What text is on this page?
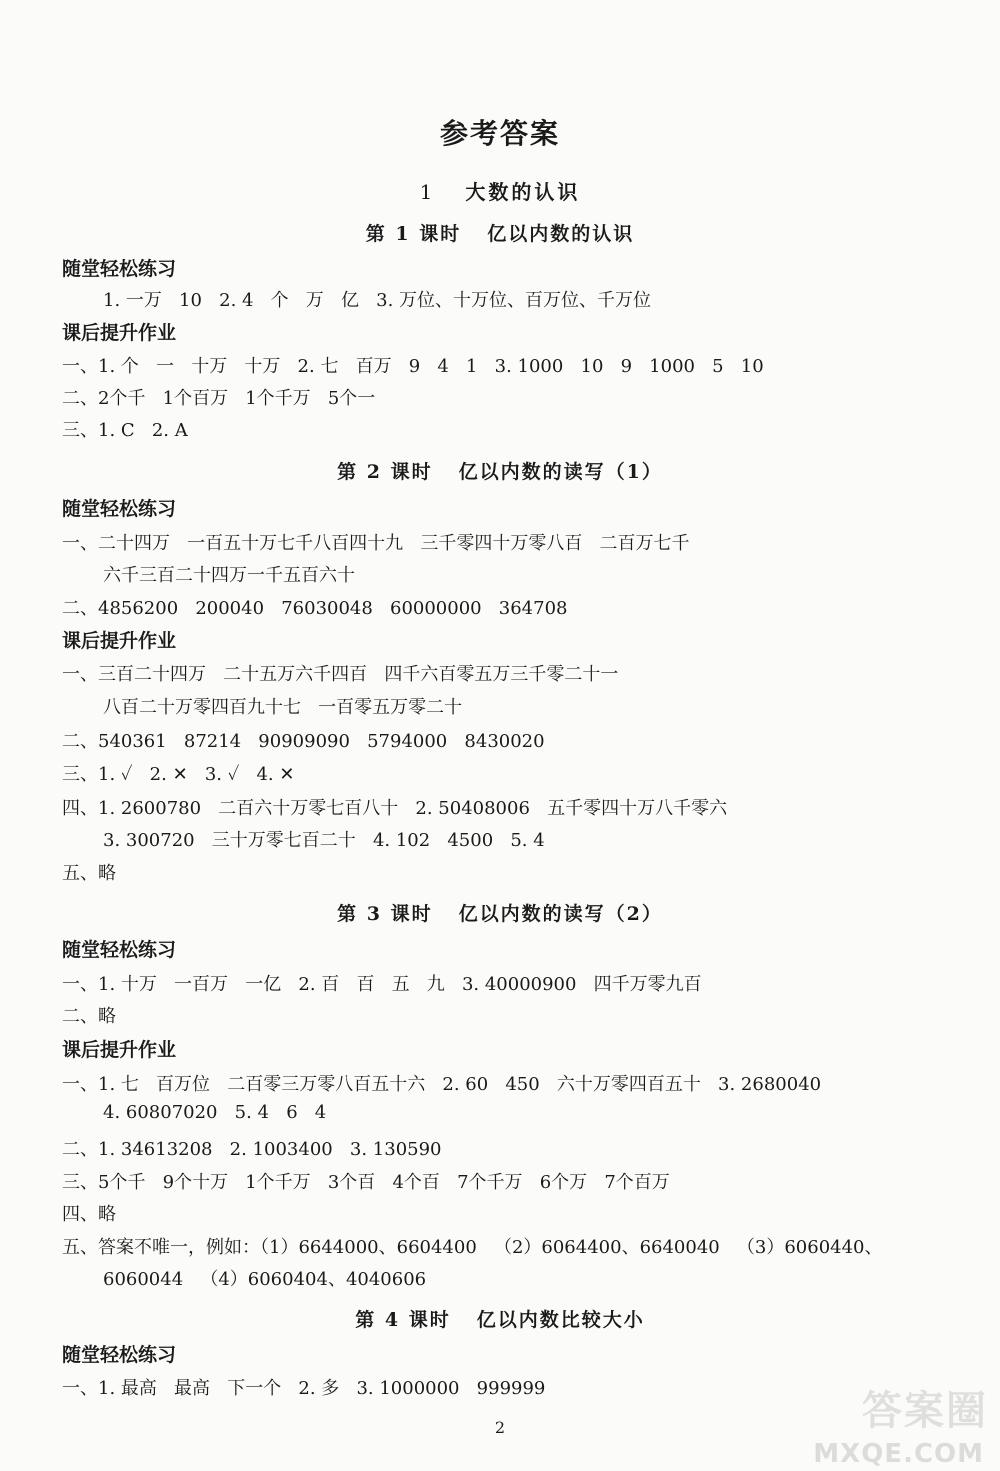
参考答案
1 大数的认识
第 1 课时 亿以内数的认识
随堂轻松练习
1. 一万   10   2. 4   个   万   亿   3. 万位、十万位、百万位、千万位
课后提升作业
一、1. 个   一   十万   十万   2. 七   百万   9   4   1   3. 1000   10   9   1000   5   10
二、2个千   1个百万   1个千万   5个一
三、1. C   2. A
第 2 课时 亿以内数的读写（1）
随堂轻松练习
一、二十四万   一百五十万七千八百四十九   三千零四十万零八百   二百万七千
六千三百二十四万一千五百六十
二、4856200   200040   76030048   60000000   364708
课后提升作业
一、三百二十四万   二十五万六千四百   四千六百零五万三千零二十一
八百二十万零四百九十七   一百零五万零二十
二、540361   87214   90909090   5794000   8430020
三、1. ✓   2. ✕   3. ✓   4. ✕
四、1. 2600780   二百六十万零七百八十   2. 50408006   五千零四十万八千零六
3. 300720   三十万零七百二十   4. 102   4500   5. 4
五、略
第 3 课时 亿以内数的读写（2）
随堂轻松练习
一、1. 十万   一百万   一亿   2. 百   百   五   九   3. 40000900   四千万零九百
二、略
课后提升作业
一、1. 七   百万位   二百零三万零八百五十六   2. 60   450   六十万零四百五十   3. 2680040
4. 60807020   5. 4   6   4
二、1. 34613208   2. 1003400   3. 130590
三、5个千   9个十万   1个千万   3个百   4个百   7个千万   6个万   7个百万
四、略
五、答案不唯一，例如：（1）6644000、6604400   （2）6064400、6640040   （3）6060440、
6060044   （4）6060404、4040606
第 4 课时 亿以内数比较大小
随堂轻松练习
一、1. 最高   最高   下一个   2. 多   3. 1000000   999999
2	答案圈
MXQE.COM
